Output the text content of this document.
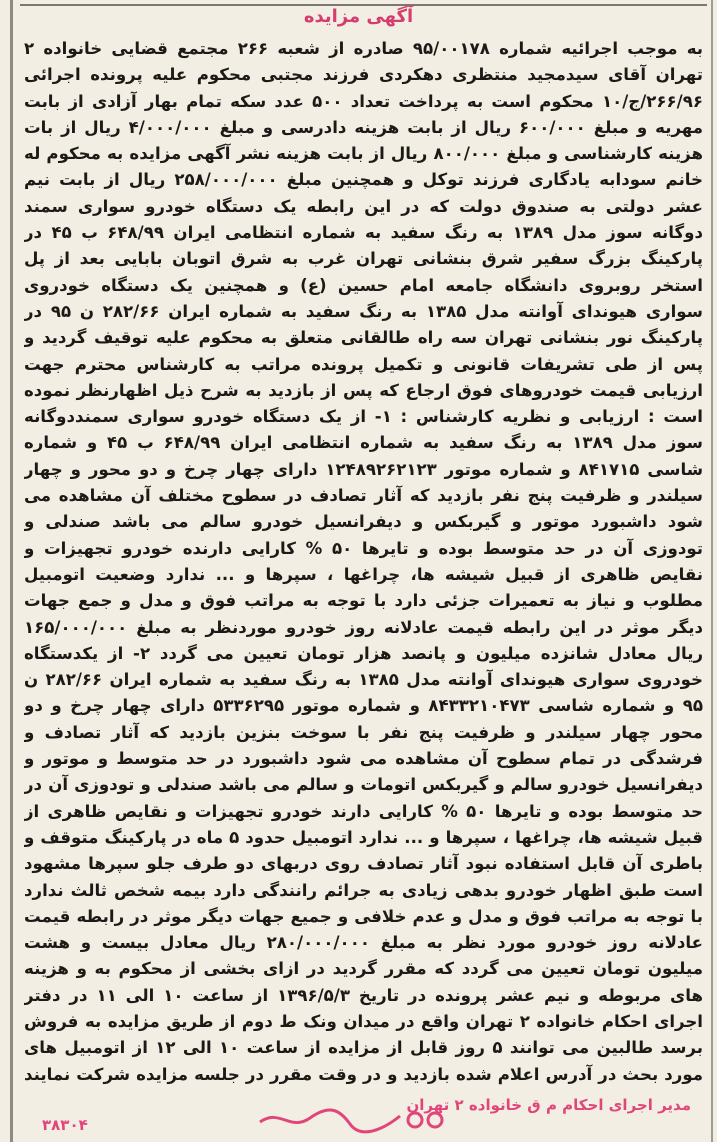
آگهی مزایده
به موجب اجرائیه شماره ۹۵/۰۰۱۷۸ صادره از شعبه ۲۶۶ مجتمع قضایی خانواده ۲ تهران آقای سیدمجید منتظری دهکردی فرزند مجتبی محکوم علیه پرونده اجرائی ۲۶۶/۹۶/ج/۱۰ محکوم است به پرداخت تعداد ۵۰۰ عدد سکه تمام بهار آزادی از بابت مهریه و مبلغ ۶۰۰/۰۰۰ ریال از بابت هزینه دادرسی و مبلغ ۴/۰۰۰/۰۰۰ ریال از بات هزینه کارشناسی و مبلغ ۸۰۰/۰۰۰ ریال از بابت هزینه نشر آگهی مزایده به محکوم له خانم سودابه یادگاری فرزند توکل و همچنین مبلغ ۲۵۸/۰۰۰/۰۰۰ ریال از بابت نیم عشر دولتی به صندوق دولت که در این رابطه یک دستگاه خودرو سواری سمند دوگانه سوز مدل ۱۳۸۹ به رنگ سفید به شماره انتظامی ایران ۶۴۸/۹۹ ب ۴۵ در پارکینگ بزرگ سفیر شرق بنشانی تهران غرب به شرق اتوبان بابایی بعد از پل استخر روبروی دانشگاه جامعه امام حسین (ع) و همچنین یک دستگاه خودروی سواری هیوندای آوانته مدل ۱۳۸۵ به رنگ سفید به شماره ایران ۲۸۲/۶۶ ن ۹۵ در پارکینگ نور بنشانی تهران سه راه طالقانی متعلق به محکوم علیه توقیف گردید و پس از طی تشریفات قانونی و تکمیل پرونده مراتب به کارشناس محترم جهت ارزیابی قیمت خودروهای فوق ارجاع که پس از بازدید به شرح ذیل اظهارنظر نموده است : ارزیابی و نظریه کارشناس : ۱- از یک دستگاه خودرو سواری سمنددوگانه سوز مدل ۱۳۸۹ به رنگ سفید به شماره انتظامی ایران ۶۴۸/۹۹ ب ۴۵ و شماره شاسی ۸۴۱۷۱۵ و شماره موتور ۱۲۴۸۹۲۶۲۱۲۳ دارای چهار چرخ و دو محور و چهار سیلندر و ظرفیت پنج نفر بازدید که آثار تصادف در سطوح مختلف آن مشاهده می شود داشبورد موتور و گیربکس و دیفرانسیل خودرو سالم می باشد صندلی و تودوزی آن در حد متوسط بوده و تایرها ۵۰ % کارایی دارنده خودرو تجهیزات و نقایص ظاهری از قبیل شیشه ها، چراغها ، سپرها و ... ندارد وضعیت اتومبیل مطلوب و نیاز به تعمیرات جزئی دارد با توجه به مراتب فوق و مدل و جمع جهات دیگر موثر در این رابطه قیمت عادلانه روز خودرو موردنظر به مبلغ ۱۶۵/۰۰۰/۰۰۰ ریال معادل شانزده میلیون و پانصد هزار تومان تعیین می گردد ۲- از یکدستگاه خودروی سواری هیوندای آوانته مدل ۱۳۸۵ به رنگ سفید به شماره ایران ۲۸۲/۶۶ ن ۹۵ و شماره شاسی ۸۴۳۳۲۱۰۴۷۳ و شماره موتور ۵۳۳۶۲۹۵ دارای چهار چرخ و دو محور چهار سیلندر و ظرفیت پنج نفر با سوخت بنزین بازدید که آثار تصادف و فرشدگی در تمام سطوح آن مشاهده می شود داشبورد در حد متوسط و موتور و دیفرانسیل خودرو سالم و گیربکس اتومات و سالم می باشد صندلی و تودوزی آن در حد متوسط بوده و تایرها ۵۰ % کارایی دارند خودرو تجهیزات و نقایص ظاهری از قبیل شیشه ها، چراغها ، سپرها و ... ندارد اتومبیل حدود ۵ ماه در پارکینگ متوقف و باطری آن قابل استفاده نبود آثار تصادف روی دربهای دو طرف جلو سپرها مشهود است طبق اظهار خودرو بدهی زیادی به جرائم رانندگی دارد بیمه شخص ثالث ندارد با توجه به مراتب فوق و مدل و عدم خلافی و جمیع جهات دیگر موثر در رابطه قیمت عادلانه روز خودرو مورد نظر به مبلغ ۲۸۰/۰۰۰/۰۰۰ ریال معادل بیست و هشت میلیون تومان تعیین می گردد که مقرر گردید در ازای بخشی از محکوم به و هزینه های مربوطه و نیم عشر پرونده در تاریخ ۱۳۹۶/۵/۳ از ساعت ۱۰ الی ۱۱ در دفتر اجرای احکام خانواده ۲ تهران واقع در میدان ونک ط دوم از طریق مزایده به فروش برسد طالبین می توانند ۵ روز قابل از مزایده از ساعت ۱۰ الی ۱۲ از اتومبیل های مورد بحث در آدرس اعلام شده بازدید و در وقت مقرر در جلسه مزایده شرکت نمایند
مدیر اجرای احکام م ق خانواده ۲ تهران
۳۸۳۰۴
